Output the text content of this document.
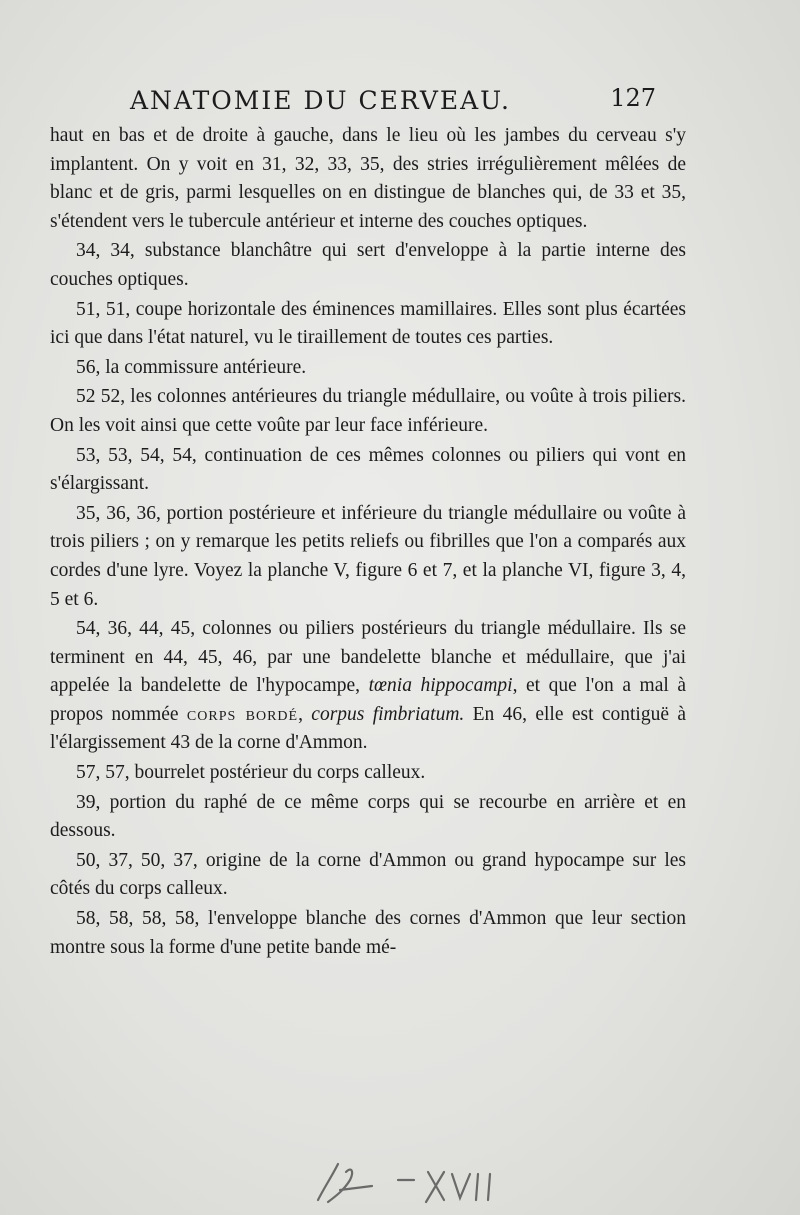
ANATOMIE DU CERVEAU.	127

haut en bas et de droite à gauche, dans le lieu où les jambes du cerveau s'y implantent. On y voit en 31, 32, 33, 35, des stries irrégulièrement mêlées de blanc et de gris, parmi lesquelles on en distingue de blanches qui, de 33 et 35, s'étendent vers le tubercule antérieur et interne des couches optiques.

34, 34, substance blanchâtre qui sert d'enveloppe à la partie interne des couches optiques.

51, 51, coupe horizontale des éminences mamillaires. Elles sont plus écartées ici que dans l'état naturel, vu le tiraillement de toutes ces parties.

56, la commissure antérieure.

52 52, les colonnes antérieures du triangle médullaire, ou voûte à trois piliers. On les voit ainsi que cette voûte par leur face inférieure.

53, 53, 54, 54, continuation de ces mêmes colonnes ou piliers qui vont en s'élargissant.

35, 36, 36, portion postérieure et inférieure du triangle médullaire ou voûte à trois piliers ; on y remarque les petits reliefs ou fibrilles que l'on a comparés aux cordes d'une lyre. Voyez la planche V, figure 6 et 7, et la planche VI, figure 3, 4, 5 et 6.

54, 36, 44, 45, colonnes ou piliers postérieurs du triangle médullaire. Ils se terminent en 44, 45, 46, par une bandelette blanche et médullaire, que j'ai appelée la bandelette de l'hypocampe, tœnia hippocampi, et que l'on a mal à propos nommée corps bordé, corpus fimbriatum. En 46, elle est contiguë à l'élargissement 43 de la corne d'Ammon.

57, 57, bourrelet postérieur du corps calleux.

39, portion du raphé de ce même corps qui se recourbe en arrière et en dessous.

50, 37, 50, 37, origine de la corne d'Ammon ou grand hypocampe sur les côtés du corps calleux.

58, 58, 58, 58, l'enveloppe blanche des cornes d'Ammon que leur section montre sous la forme d'une petite bande mé-
